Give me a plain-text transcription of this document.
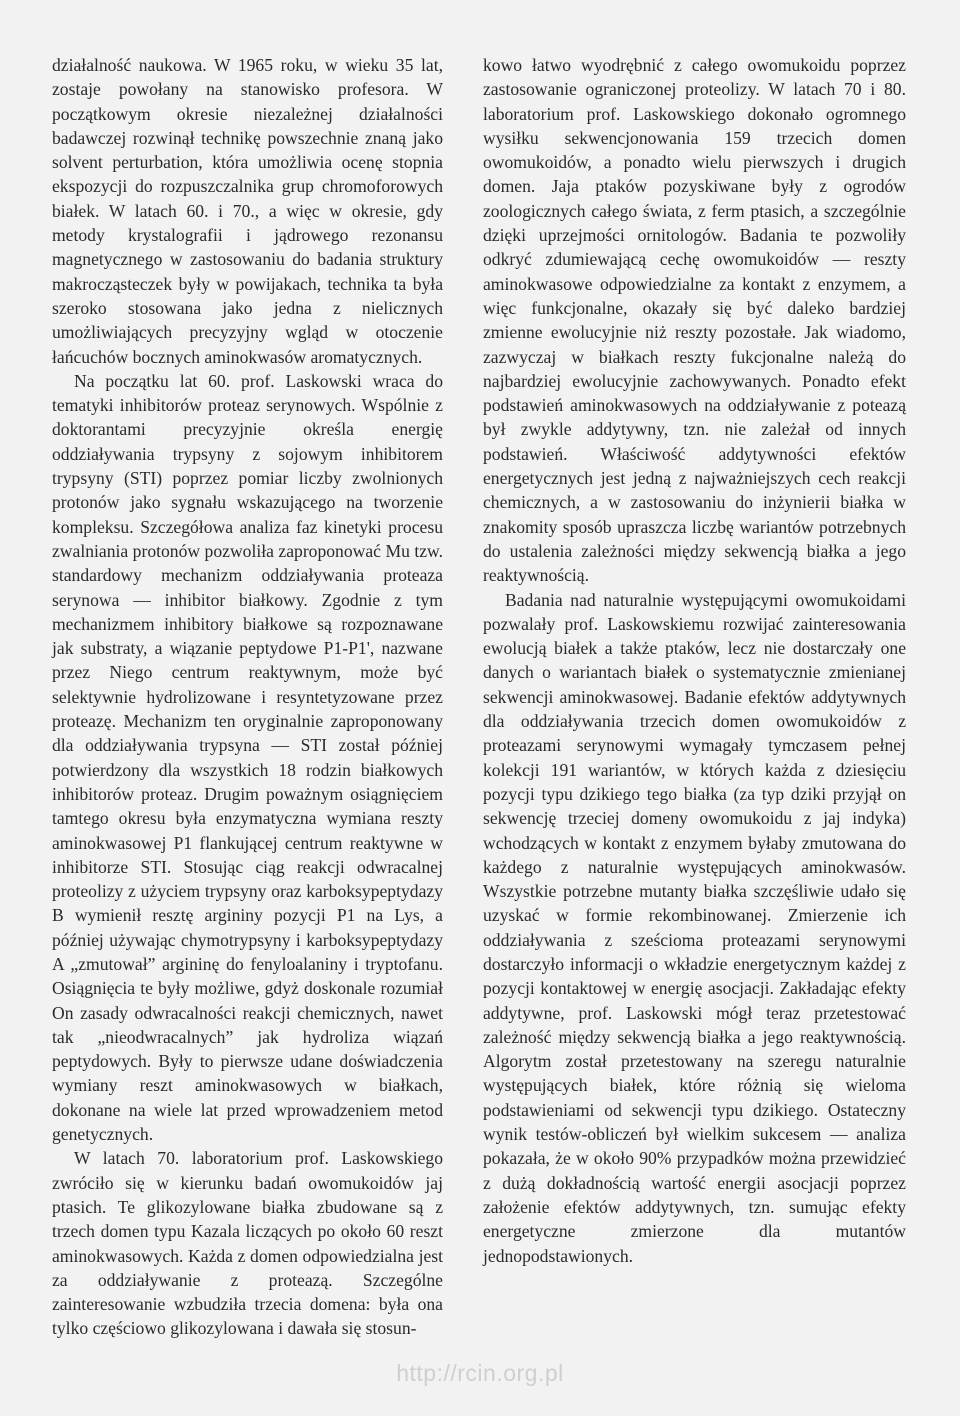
działalność naukowa. W 1965 roku, w wieku 35 lat, zostaje powołany na stanowisko profesora. W początkowym okresie niezależnej działalności badawczej rozwinął technikę powszechnie znaną jako solvent perturbation, która umożliwia ocenę stopnia ekspozycji do rozpuszczalnika grup chromoforowych białek. W latach 60. i 70., a więc w okresie, gdy metody krystalografii i jądrowego rezonansu magnetycznego w zastosowaniu do badania struktury makrocząsteczek były w powijakach, technika ta była szeroko stosowana jako jedna z nielicznych umożliwiających precyzyjny wgląd w otoczenie łańcuchów bocznych aminokwasów aromatycznych.

Na początku lat 60. prof. Laskowski wraca do tematyki inhibitorów proteaz serynowych. Wspólnie z doktorantami precyzyjnie określa energię oddziaływania trypsyny z sojowym inhibitorem trypsyny (STI) poprzez pomiar liczby zwolnionych protonów jako sygnału wskazującego na tworzenie kompleksu. Szczegółowa analiza faz kinetyki procesu zwalniania protonów pozwoliła zaproponować Mu tzw. standardowy mechanizm oddziaływania proteaza serynowa — inhibitor białkowy. Zgodnie z tym mechanizmem inhibitory białkowe są rozpoznawane jak substraty, a wiązanie peptydowe P1-P1', nazwane przez Niego centrum reaktywnym, może być selektywnie hydrolizowane i resyntetyzowane przez proteazę. Mechanizm ten oryginalnie zaproponowany dla oddziaływania trypsyna — STI został później potwierdzony dla wszystkich 18 rodzin białkowych inhibitorów proteaz. Drugim poważnym osiągnięciem tamtego okresu była enzymatyczna wymiana reszty aminokwasowej P1 flankującej centrum reaktywne w inhibitorze STI. Stosując ciąg reakcji odwracalnej proteolizy z użyciem trypsyny oraz karboksypeptydazy B wymienił resztę argininy pozycji P1 na Lys, a później używając chymotrypsyny i karboksypeptydazy A „zmutował” argininę do fenyloalaniny i tryptofanu. Osiągnięcia te były możliwe, gdyż doskonale rozumiał On zasady odwracalności reakcji chemicznych, nawet tak „nieodwracalnych” jak hydroliza wiązań peptydowych. Były to pierwsze udane doświadczenia wymiany reszt aminokwasowych w białkach, dokonane na wiele lat przed wprowadzeniem metod genetycznych.

W latach 70. laboratorium prof. Laskowskiego zwróciło się w kierunku badań owomukoidów jaj ptasich. Te glikozylowane białka zbudowane są z trzech domen typu Kazala liczących po około 60 reszt aminokwasowych. Każda z domen odpowiedzialna jest za oddziaływanie z proteazą. Szczególne zainteresowanie wzbudziła trzecia domena: była ona tylko częściowo glikozylowana i dawała się stosun-

kowo łatwo wyodrębnić z całego owomukoidu poprzez zastosowanie ograniczonej proteolizy. W latach 70 i 80. laboratorium prof. Laskowskiego dokonało ogromnego wysiłku sekwencjonowania 159 trzecich domen owomukoidów, a ponadto wielu pierwszych i drugich domen. Jaja ptaków pozyskiwane były z ogrodów zoologicznych całego świata, z ferm ptasich, a szczególnie dzięki uprzejmości ornitologów. Badania te pozwoliły odkryć zdumiewającą cechę owomukoidów — reszty aminokwasowe odpowiedzialne za kontakt z enzymem, a więc funkcjonalne, okazały się być daleko bardziej zmienne ewolucyjnie niż reszty pozostałe. Jak wiadomo, zazwyczaj w białkach reszty fukcjonalne należą do najbardziej ewolucyjnie zachowywanych. Ponadto efekt podstawień aminokwasowych na oddziaływanie z poteazą był zwykle addytywny, tzn. nie zależał od innych podstawień. Właściwość addytywności efektów energetycznych jest jedną z najważniejszych cech reakcji chemicznych, a w zastosowaniu do inżynierii białka w znakomity sposób upraszcza liczbę wariantów potrzebnych do ustalenia zależności między sekwencją białka a jego reaktywnością.

Badania nad naturalnie występującymi owomukoidami pozwalały prof. Laskowskiemu rozwijać zainteresowania ewolucją białek a także ptaków, lecz nie dostarczały one danych o wariantach białek o systematycznie zmienianej sekwencji aminokwasowej. Badanie efektów addytywnych dla oddziaływania trzecich domen owomukoidów z proteazami serynowymi wymagały tymczasem pełnej kolekcji 191 wariantów, w których każda z dziesięciu pozycji typu dzikiego tego białka (za typ dziki przyjął on sekwencję trzeciej domeny owomukoidu z jaj indyka) wchodzących w kontakt z enzymem byłaby zmutowana do każdego z naturalnie występujących aminokwasów. Wszystkie potrzebne mutanty białka szczęśliwie udało się uzyskać w formie rekombinowanej. Zmierzenie ich oddziaływania z sześcioma proteazami serynowymi dostarczyło informacji o wkładzie energetycznym każdej z pozycji kontaktowej w energię asocjacji. Zakładając efekty addytywne, prof. Laskowski mógł teraz przetestować zależność między sekwencją białka a jego reaktywnością. Algorytm został przetestowany na szeregu naturalnie występujących białek, które różnią się wieloma podstawieniami od sekwencji typu dzikiego. Ostateczny wynik testów-obliczeń był wielkim sukcesem — analiza pokazała, że w około 90% przypadków można przewidzieć z dużą dokładnością wartość energii asocjacji poprzez założenie efektów addytywnych, tzn. sumując efekty energetyczne zmierzone dla mutantów jednopodstawionych.

http://rcin.org.pl
